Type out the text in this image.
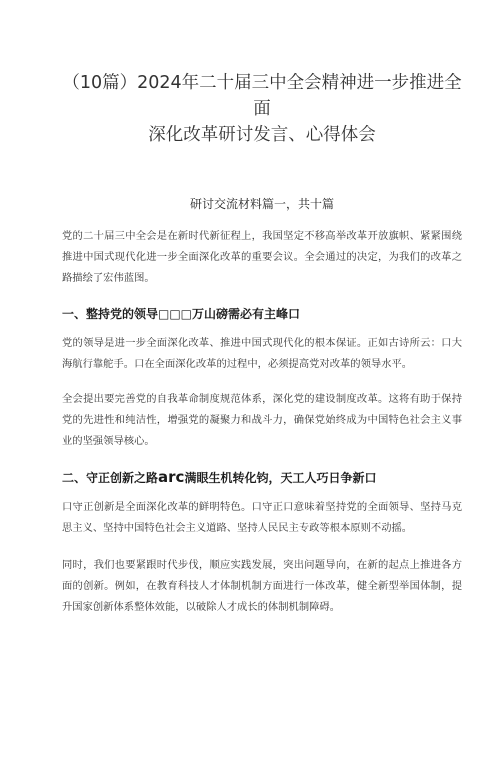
（10篇）2024年二十届三中全会精神进一步推进全面
深化改革研讨发言、心得体会
研讨交流材料篇一，共十篇

党的二十届三中全会是在新时代新征程上，我国坚定不移高举改革开放旗帜、紧紧围绕推进中国式现代化进一步全面深化改革的重要会议。全会通过的决定，为我们的改革之路描绘了宏伟蓝图。

一、整持党的领导□□□万山磅需必有主峰口

党的领导是进一步全面深化改革、推进中国式现代化的根本保证。正如古诗所云：口大海航行靠舵手。口在全面深化改革的过程中，必须提高党对改革的领导水平。

全会提出要完善党的自我革命制度规范体系，深化党的建设制度改革。这将有助于保持党的先进性和纯洁性，增强党的凝聚力和战斗力，确保党始终成为中国特色社会主义事业的坚强领导核心。

二、守正创新之路arc满眼生机转化钧，天工人巧日争新口

口守正创新是全面深化改革的鲜明特色。口守正口意味着坚持党的全面领导、坚持马克思主义、坚持中国特色社会主义道路、坚持人民民主专政等根本原则不动摇。

同时，我们也要紧跟时代步伐，顺应实践发展，突出问题导向，在新的起点上推进各方面的创新。例如，在教育科技人才体制机制方面进行一体改革，健全新型举国体制，提升国家创新体系整体效能，以破除人才成长的体制机制障碍。
